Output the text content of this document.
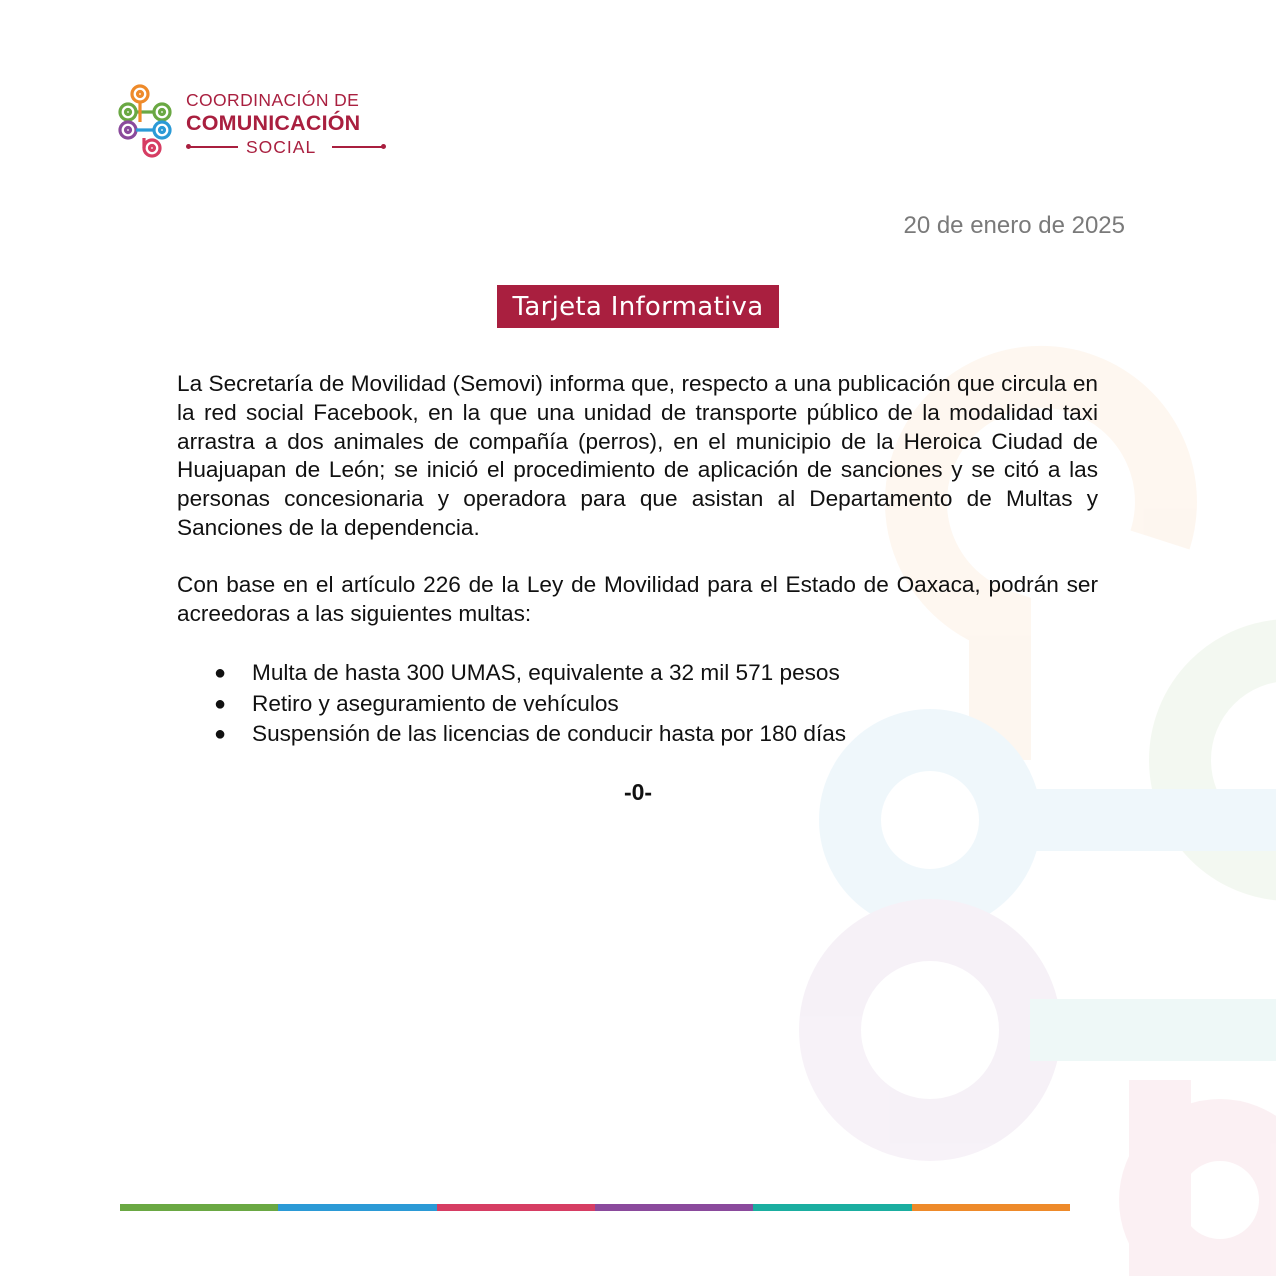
COORDINACIÓN DE
COMUNICACIÓN
SOCIAL
20 de enero de 2025
Tarjeta Informativa

La Secretaría de Movilidad (Semovi) informa que, respecto a una publicación que circula en la red social Facebook, en la que una unidad de transporte público de la modalidad taxi arrastra a dos animales de compañía (perros), en el municipio de la Heroica Ciudad de Huajuapan de León; se inició el procedimiento de aplicación de sanciones y se citó a las personas concesionaria y operadora para que asistan al Departamento de Multas y Sanciones de la dependencia.

Con base en el artículo 226 de la Ley de Movilidad para el Estado de Oaxaca, podrán ser acreedoras a las siguientes multas:

● Multa de hasta 300 UMAS, equivalente a 32 mil 571 pesos
● Retiro y aseguramiento de vehículos
● Suspensión de las licencias de conducir hasta por 180 días
-0-
